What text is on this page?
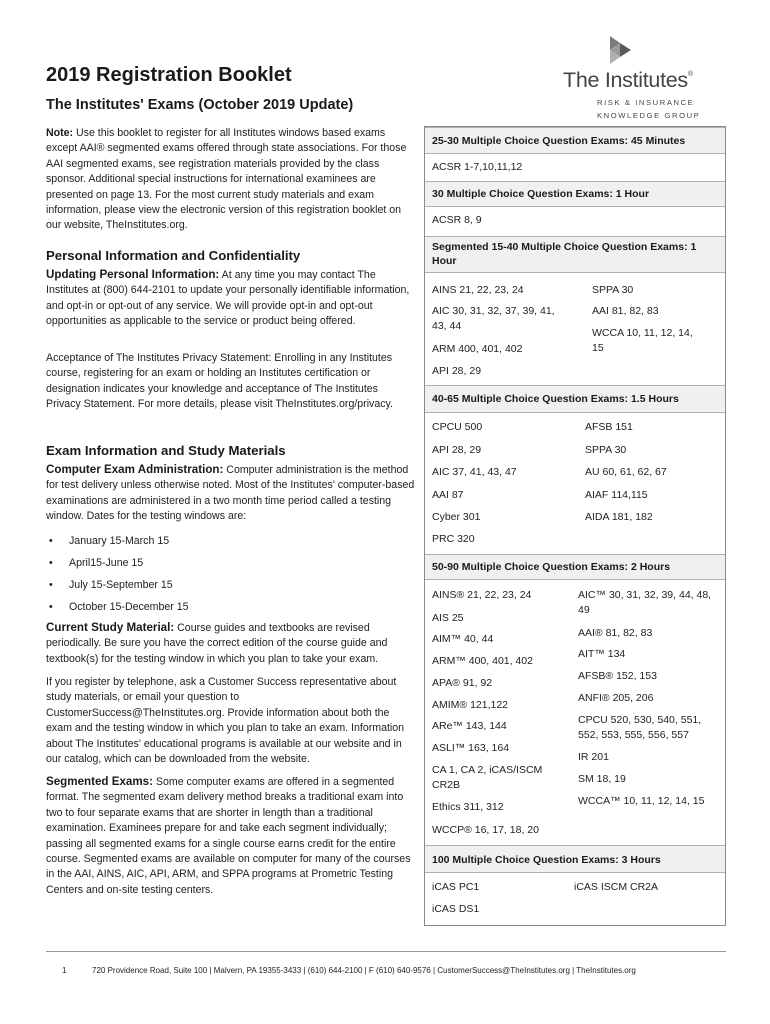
2019 Registration Booklet
The Institutes' Exams (October 2019 Update)
The Institutes®
RISK & INSURANCE
KNOWLEDGE GROUP

Note: Use this booklet to register for all Institutes windows based exams except AAI® segmented exams offered through state associations. For those AAI segmented exams, see registration materials provided by the class sponsor. Additional special instructions for international examinees are presented on page 13. For the most current study materials and exam information, please view the electronic version of this registration booklet on our website, TheInstitutes.org.

Personal Information and Confidentiality

Updating Personal Information: At any time you may contact The Institutes at (800) 644-2101 to update your personally identifiable information, and opt-in or opt-out of any service. We will provide opt-in and opt-out opportunities as applicable to the service or product being offered.

Acceptance of The Institutes Privacy Statement: Enrolling in any Institutes course, registering for an exam or holding an Institutes certification or designation indicates your knowledge and acceptance of The Institutes Privacy Statement. For more details, please visit TheInstitutes.org/privacy.

Exam Information and Study Materials

Computer Exam Administration: Computer administration is the method for test delivery unless otherwise noted. Most of the Institutes' computer-based examinations are administered in a two month time period called a testing window. Dates for the testing windows are:

• January 15-March 15
• April15-June 15
• July 15-September 15
• October 15-December 15

Current Study Material: Course guides and textbooks are revised periodically. Be sure you have the correct edition of the course guide and textbook(s) for the testing window in which you plan to take your exam.

If you register by telephone, ask a Customer Success representative about study materials, or email your question to CustomerSuccess@TheInstitutes.org. Provide information about both the exam and the testing window in which you plan to take an exam. Information about The Institutes' educational programs is available at our website and in our catalog, which can be downloaded from the website.

Segmented Exams: Some computer exams are offered in a segmented format. The segmented exam delivery method breaks a traditional exam into two to four separate exams that are shorter in length than a traditional examination. Examinees prepare for and take each segment individually; passing all segmented exams for a single course earns credit for the entire course. Segmented exams are available on computer for many of the courses in the AAI, AINS, AIC, API, ARM, and SPPA programs at Prometric Testing Centers and on-site testing centers.

25-30 Multiple Choice Question Exams: 45 Minutes
ACSR 1-7,10,11,12
30 Multiple Choice Question Exams: 1 Hour
ACSR 8, 9
Segmented 15-40 Multiple Choice Question Exams: 1 Hour
AINS 21, 22, 23, 24
AIC 30, 31, 32, 37, 39, 41, 43, 44
ARM 400, 401, 402
API 28, 29
SPPA 30
AAI 81, 82, 83
WCCA 10, 11, 12, 14, 15
40-65 Multiple Choice Question Exams: 1.5 Hours
CPCU 500
API 28, 29
AIC 37, 41, 43, 47
AAI 87
Cyber 301
PRC 320
AFSB 151
SPPA 30
AU 60, 61, 62, 67
AIAF 114,115
AIDA 181, 182
50-90 Multiple Choice Question Exams: 2 Hours
AINS® 21, 22, 23, 24
AIS 25
AIM™ 40, 44
ARM™ 400, 401, 402
APA® 91, 92
AMIM® 121,122
ARe™ 143, 144
ASLI™ 163, 164
CA 1, CA 2, iCAS/ISCM CR2B
Ethics 311, 312
WCCP® 16, 17, 18, 20
AIC™ 30, 31, 32, 39, 44, 48, 49
AAI® 81, 82, 83
AIT™ 134
AFSB® 152, 153
ANFI® 205, 206
CPCU 520, 530, 540, 551, 552, 553, 555, 556, 557
IR 201
SM 18, 19
WCCA™ 10, 11, 12, 14, 15
100 Multiple Choice Question Exams: 3 Hours
iCAS PC1
iCAS DS1
iCAS ISCM CR2A
1	720 Providence Road, Suite 100 | Malvern, PA 19355-3433 | (610) 644-2100 | F (610) 640-9576 | CustomerSuccess@TheInstitutes.org | TheInstitutes.org
